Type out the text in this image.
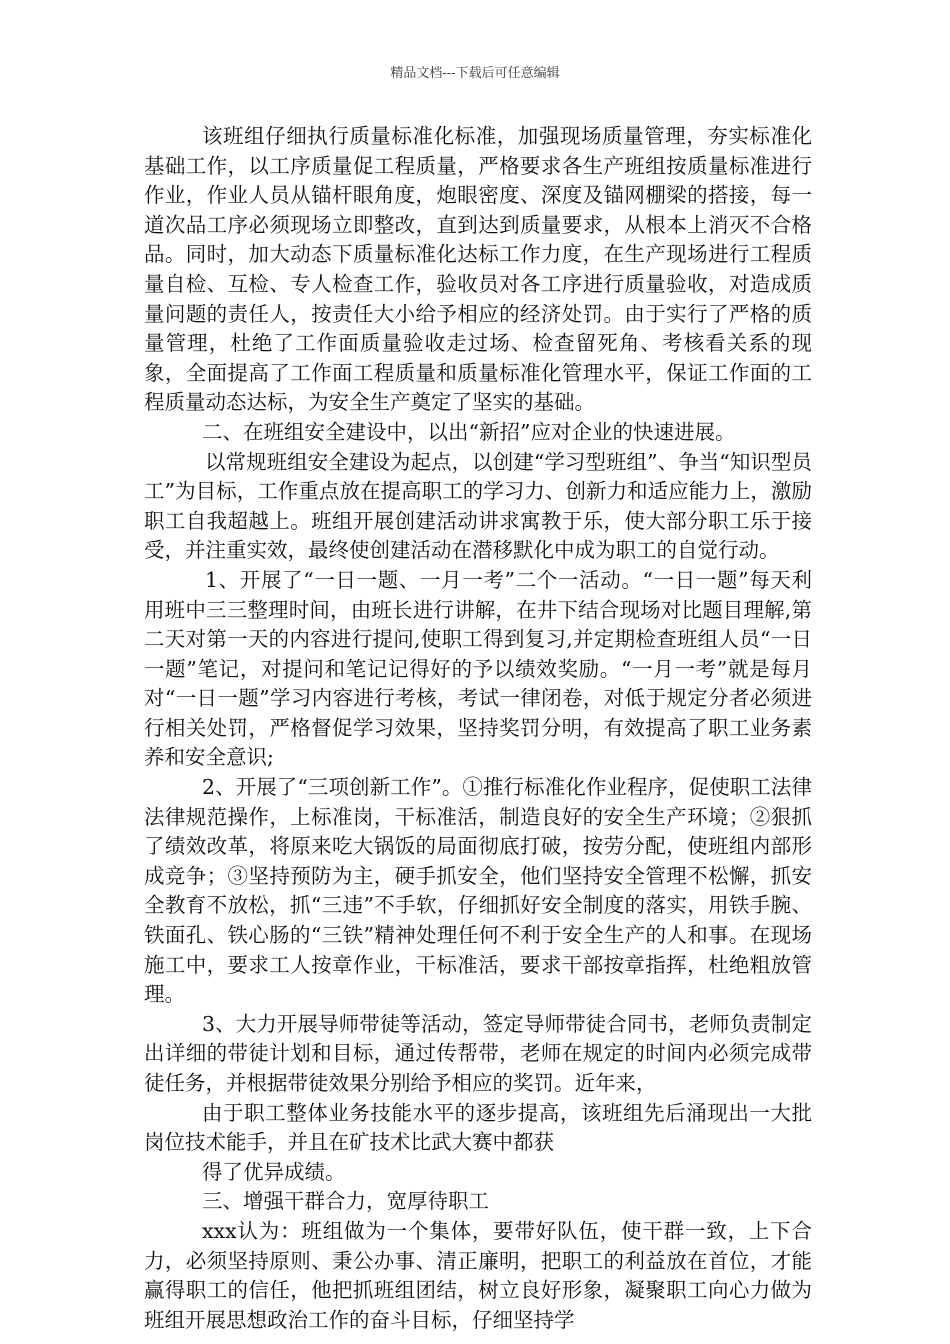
精品文档---下载后可任意编辑

该班组仔细执行质量标准化标准，加强现场质量管理，夯实标准化基础工作，以工序质量促工程质量，严格要求各生产班组按质量标准进行作业，作业人员从锚杆眼角度，炮眼密度、深度及锚网棚梁的搭接，每一道次品工序必须现场立即整改，直到达到质量要求，从根本上消灭不合格品。同时，加大动态下质量标准化达标工作力度，在生产现场进行工程质量自检、互检、专人检查工作，验收员对各工序进行质量验收，对造成质量问题的责任人，按责任大小给予相应的经济处罚。由于实行了严格的质量管理，杜绝了工作面质量验收走过场、检查留死角、考核看关系的现象，全面提高了工作面工程质量和质量标准化管理水平，保证工作面的工程质量动态达标，为安全生产奠定了坚实的基础。

二、在班组安全建设中，以出“新招”应对企业的快速进展。

以常规班组安全建设为起点，以创建“学习型班组”、争当“知识型员工”为目标，工作重点放在提高职工的学习力、创新力和适应能力上，激励职工自我超越上。班组开展创建活动讲求寓教于乐，使大部分职工乐于接受，并注重实效，最终使创建活动在潜移默化中成为职工的自觉行动。

1、开展了“一日一题、一月一考”二个一活动。“一日一题”每天利用班中三三整理时间，由班长进行讲解，在井下结合现场对比题目理解,第二天对第一天的内容进行提问,使职工得到复习,并定期检查班组人员“一日一题”笔记，对提问和笔记记得好的予以绩效奖励。“一月一考”就是每月对“一日一题”学习内容进行考核，考试一律闭卷，对低于规定分者必须进行相关处罚，严格督促学习效果，坚持奖罚分明，有效提高了职工业务素养和安全意识;

2、开展了“三项创新工作”。①推行标准化作业程序，促使职工法律法律规范操作，上标准岗，干标准活，制造良好的安全生产环境；②狠抓了绩效改革，将原来吃大锅饭的局面彻底打破，按劳分配，使班组内部形成竞争；③坚持预防为主，硬手抓安全，他们坚持安全管理不松懈，抓安全教育不放松，抓“三违”不手软，仔细抓好安全制度的落实，用铁手腕、铁面孔、铁心肠的“三铁”精神处理任何不利于安全生产的人和事。在现场施工中，要求工人按章作业，干标准活，要求干部按章指挥，杜绝粗放管理。

3、大力开展导师带徒等活动，签定导师带徒合同书，老师负责制定出详细的带徒计划和目标，通过传帮带，老师在规定的时间内必须完成带徒任务，并根据带徒效果分别给予相应的奖罚。近年来，

由于职工整体业务技能水平的逐步提高，该班组先后涌现出一大批岗位技术能手，并且在矿技术比武大赛中都获

得了优异成绩。

三、增强干群合力，宽厚待职工

xxx认为：班组做为一个集体，要带好队伍，使干群一致，上下合力，必须坚持原则、秉公办事、清正廉明，把职工的利益放在首位，才能赢得职工的信任，他把抓班组团结，树立良好形象，凝聚职工向心力做为班组开展思想政治工作的奋斗目标，仔细坚持学
